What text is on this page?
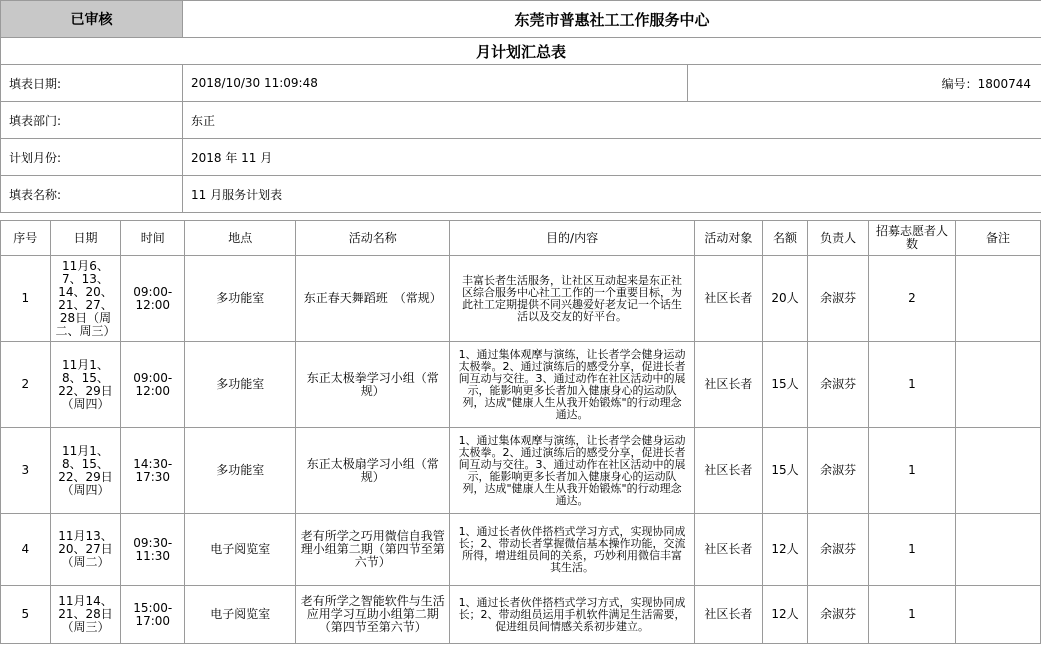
已审核	东莞市普惠社工工作服务中心	
月计划汇总表		
填表日期:	2018/10/30 11:09:48	编号：1800744
填表部门:	东正	
计划月份:	2018 年 11 月	
填表名称:	11 月服务计划表	
序号	日期	时间	地点	活动名称	目的/内容	活动对象	名额	负责人	招募志愿者人数	备注
1	11月6、7、13、14、20、21、27、28日（周二、周三）	09:00-12:00	多功能室	东正春天舞蹈班　（常规）	丰富长者生活服务，让社区互动起来是东正社区综合服务中心社工工作的一个重要目标，为此社工定期提供不同兴趣爱好老友记一个话生活以及交友的好平台。	社区长者	20人	余淑芬	2	
2	11月1、8、15、22、29日（周四）	09:00-12:00	多功能室	东正太极拳学习小组（常规）	1、通过集体观摩与演练，让长者学会健身运动太极拳。2、通过演练后的感受分享，促进长者间互动与交往。3、通过动作在社区活动中的展示，能影响更多长者加入健康身心的运动队列，达成"健康人生从我开始锻炼"的行动理念通达。	社区长者	15人	余淑芬	1	
3	11月1、8、15、22、29日（周四）	14:30-17:30	多功能室	东正太极扇学习小组（常规）	1、通过集体观摩与演练，让长者学会健身运动太极拳。2、通过演练后的感受分享，促进长者间互动与交往。3、通过动作在社区活动中的展示，能影响更多长者加入健康身心的运动队列，达成"健康人生从我开始锻炼"的行动理念通达。	社区长者	15人	余淑芬	1	
4	11月13、20、27日（周二）	09:30-11:30	电子阅览室	老有所学之巧用微信自我管理小组第二期（第四节至第六节）	1、通过长者伙伴搭档式学习方式，实现协同成长；2、带动长者掌握微信基本操作功能，交流所得，增进组员间的关系，巧妙利用微信丰富其生活。	社区长者	12人	余淑芬	1	
5	11月14、21、28日（周三）	15:00-17:00	电子阅览室	老有所学之智能软件与生活应用学习互助小组第二期（第四节至第六节）	1、通过长者伙伴搭档式学习方式，实现协同成长；2、带动组员运用手机软件满足生活需要，促进组员间情感关系初步建立。	社区长者	12人	余淑芬	1	
